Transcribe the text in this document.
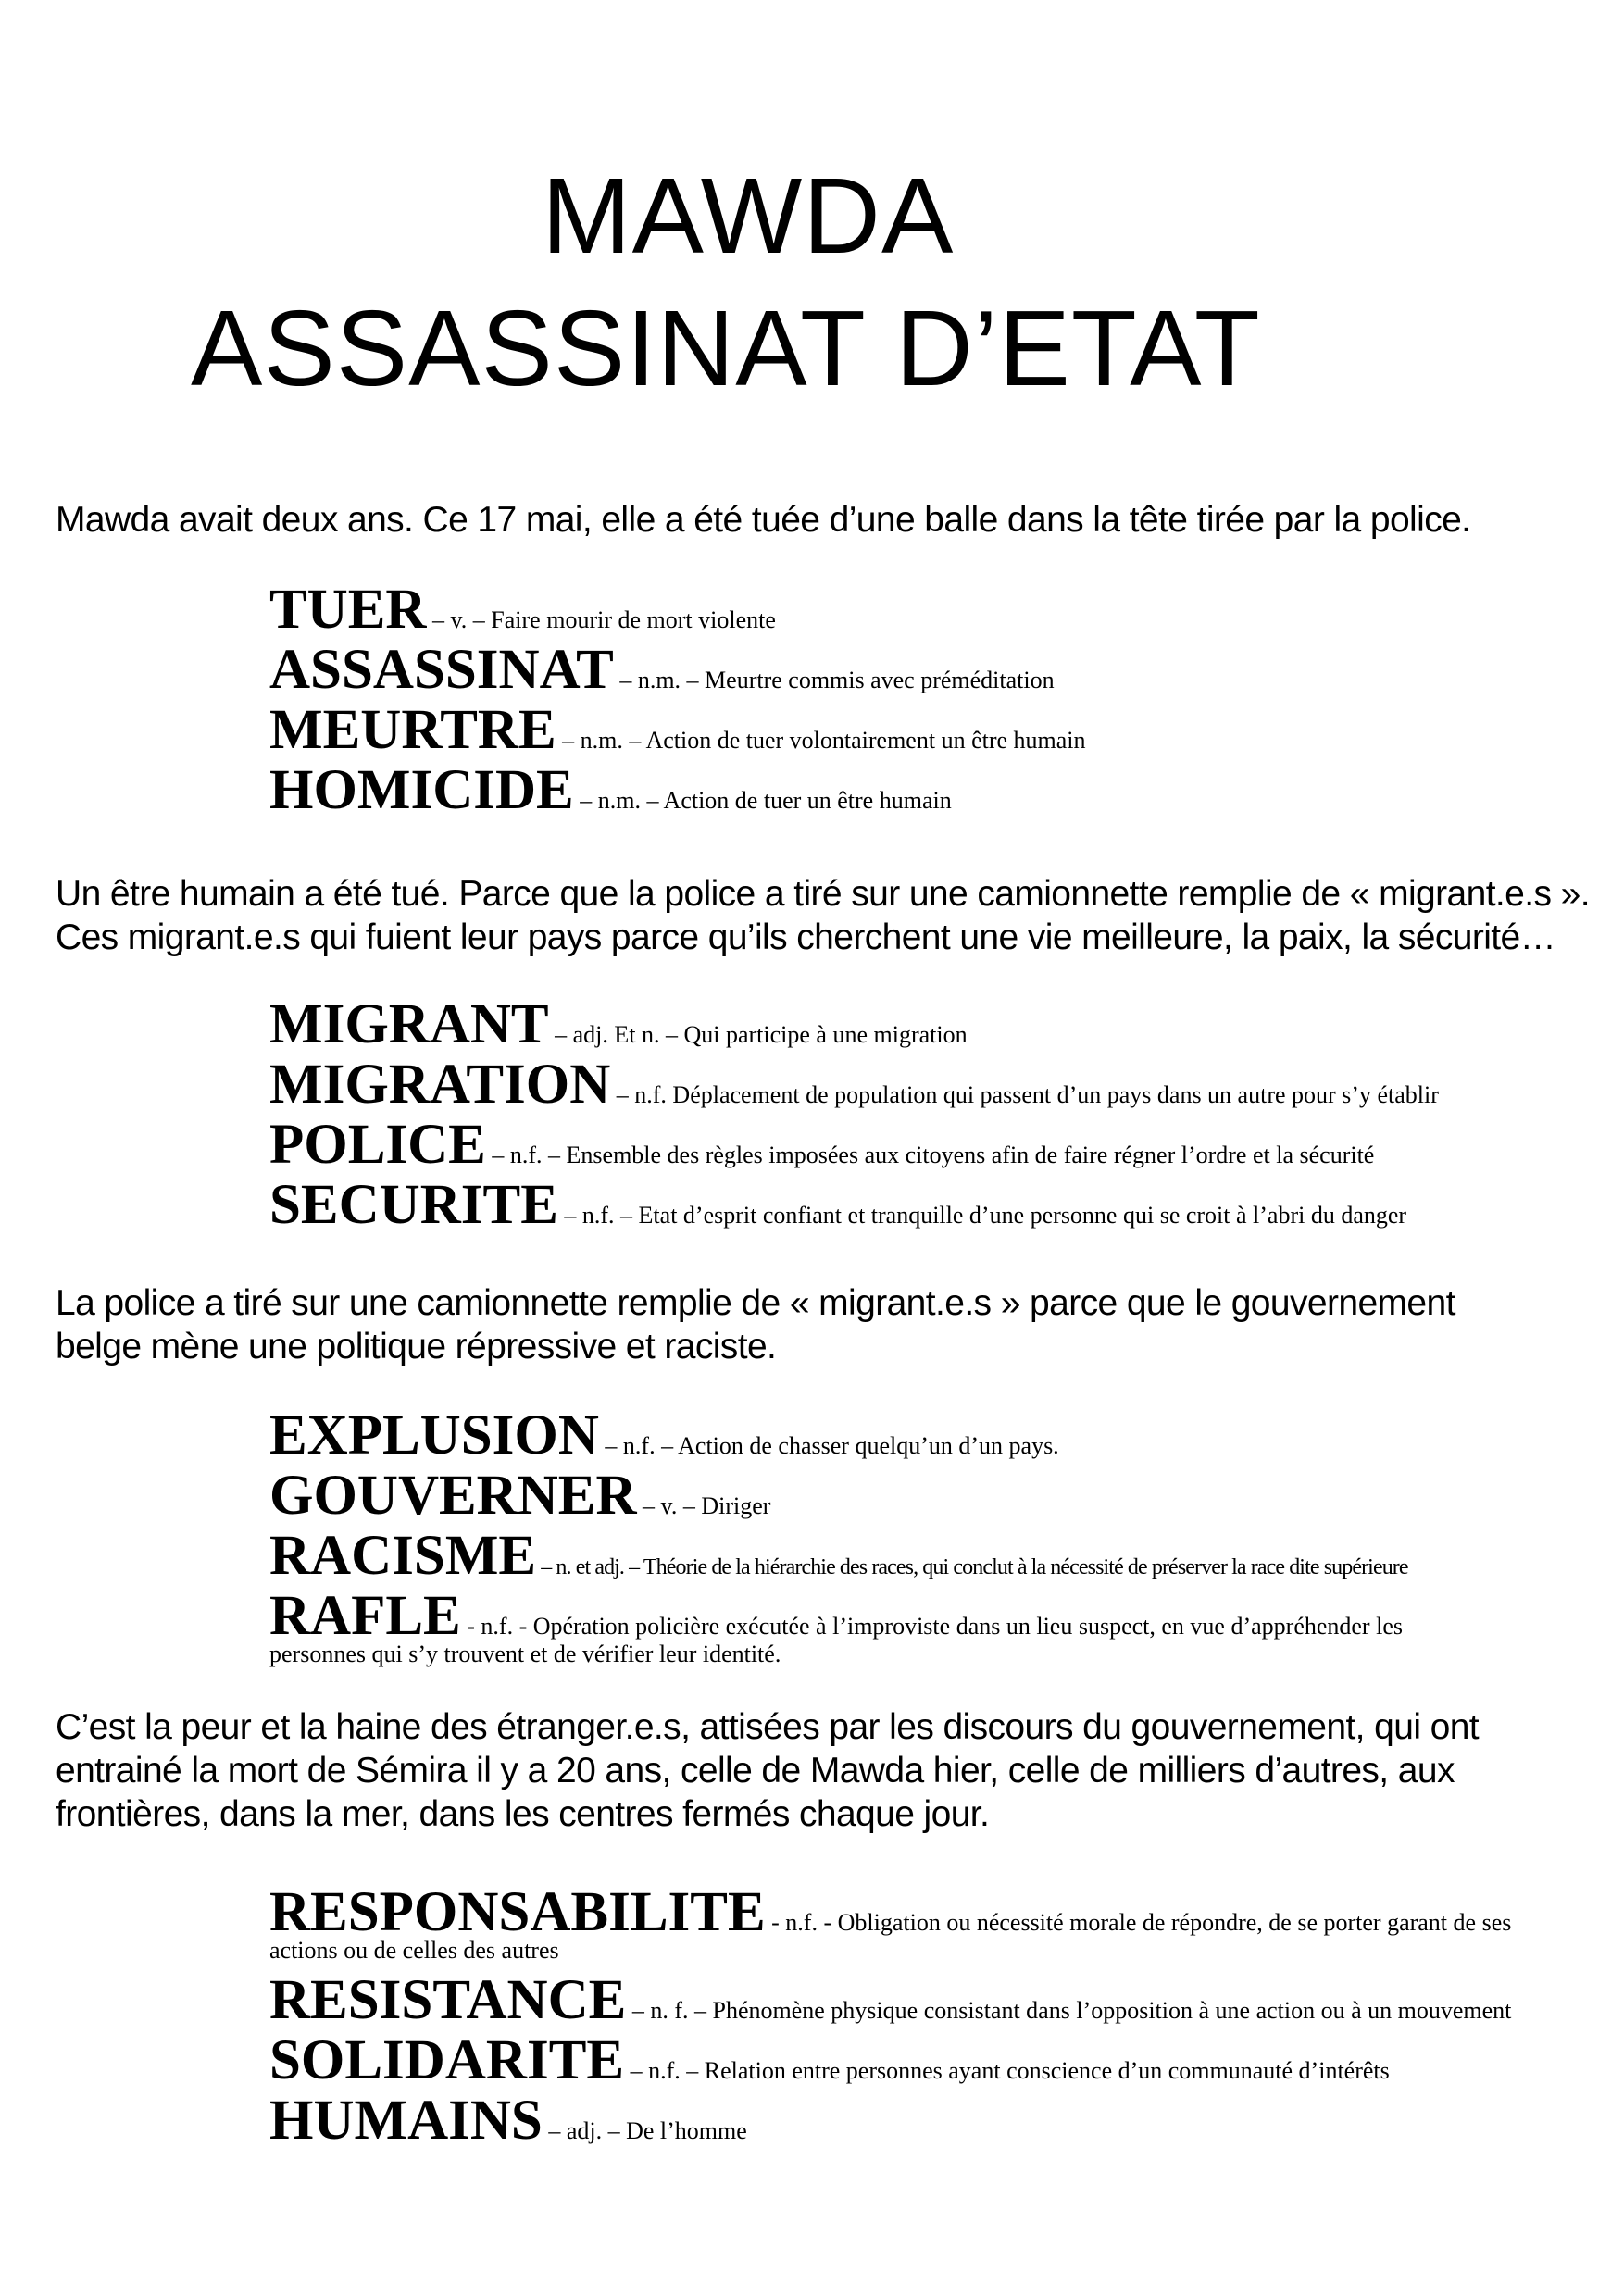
MAWDA
ASSASSINAT D’ETAT

Mawda avait deux ans. Ce 17 mai, elle a été tuée d’une balle dans la tête tirée par la police.

TUER – v. – Faire mourir de mort violente
ASSASSINAT – n.m. – Meurtre commis avec préméditation
MEURTRE – n.m. – Action de tuer volontairement un être humain
HOMICIDE – n.m. – Action de tuer un être humain

Un être humain a été tué. Parce que la police a tiré sur une camionnette remplie de « migrant.e.s ».
Ces migrant.e.s qui fuient leur pays parce qu’ils cherchent une vie meilleure, la paix, la sécurité…

MIGRANT – adj. Et n. – Qui participe à une migration
MIGRATION – n.f. Déplacement de population qui passent d’un pays dans un autre pour s’y établir
POLICE – n.f. – Ensemble des règles imposées aux citoyens afin de faire régner l’ordre et la sécurité
SECURITE – n.f. – Etat d’esprit confiant et tranquille d’une personne qui se croit à l’abri du danger

La police a tiré sur une camionnette remplie de « migrant.e.s » parce que le gouvernement
belge mène une politique répressive et raciste.

EXPLUSION – n.f. – Action de chasser quelqu’un d’un pays.
GOUVERNER – v. – Diriger
RACISME – n. et adj. – Théorie de la hiérarchie des races, qui conclut à la nécessité de préserver la race dite supérieure
RAFLE - n.f. - Opération policière exécutée à l’improviste dans un lieu suspect, en vue d’appréhender les
personnes qui s’y trouvent et de vérifier leur identité.

C’est la peur et la haine des étranger.e.s, attisées par les discours du gouvernement, qui ont
entrainé la mort de Sémira il y a 20 ans, celle de Mawda hier, celle de milliers d’autres, aux
frontières, dans la mer, dans les centres fermés chaque jour.

RESPONSABILITE - n.f. - Obligation ou nécessité morale de répondre, de se porter garant de ses
actions ou de celles des autres
RESISTANCE – n. f. – Phénomène physique consistant dans l’opposition à une action ou à un mouvement
SOLIDARITE – n.f. – Relation entre personnes ayant conscience d’un communauté d’intérêts
HUMAINS – adj. – De l’homme
